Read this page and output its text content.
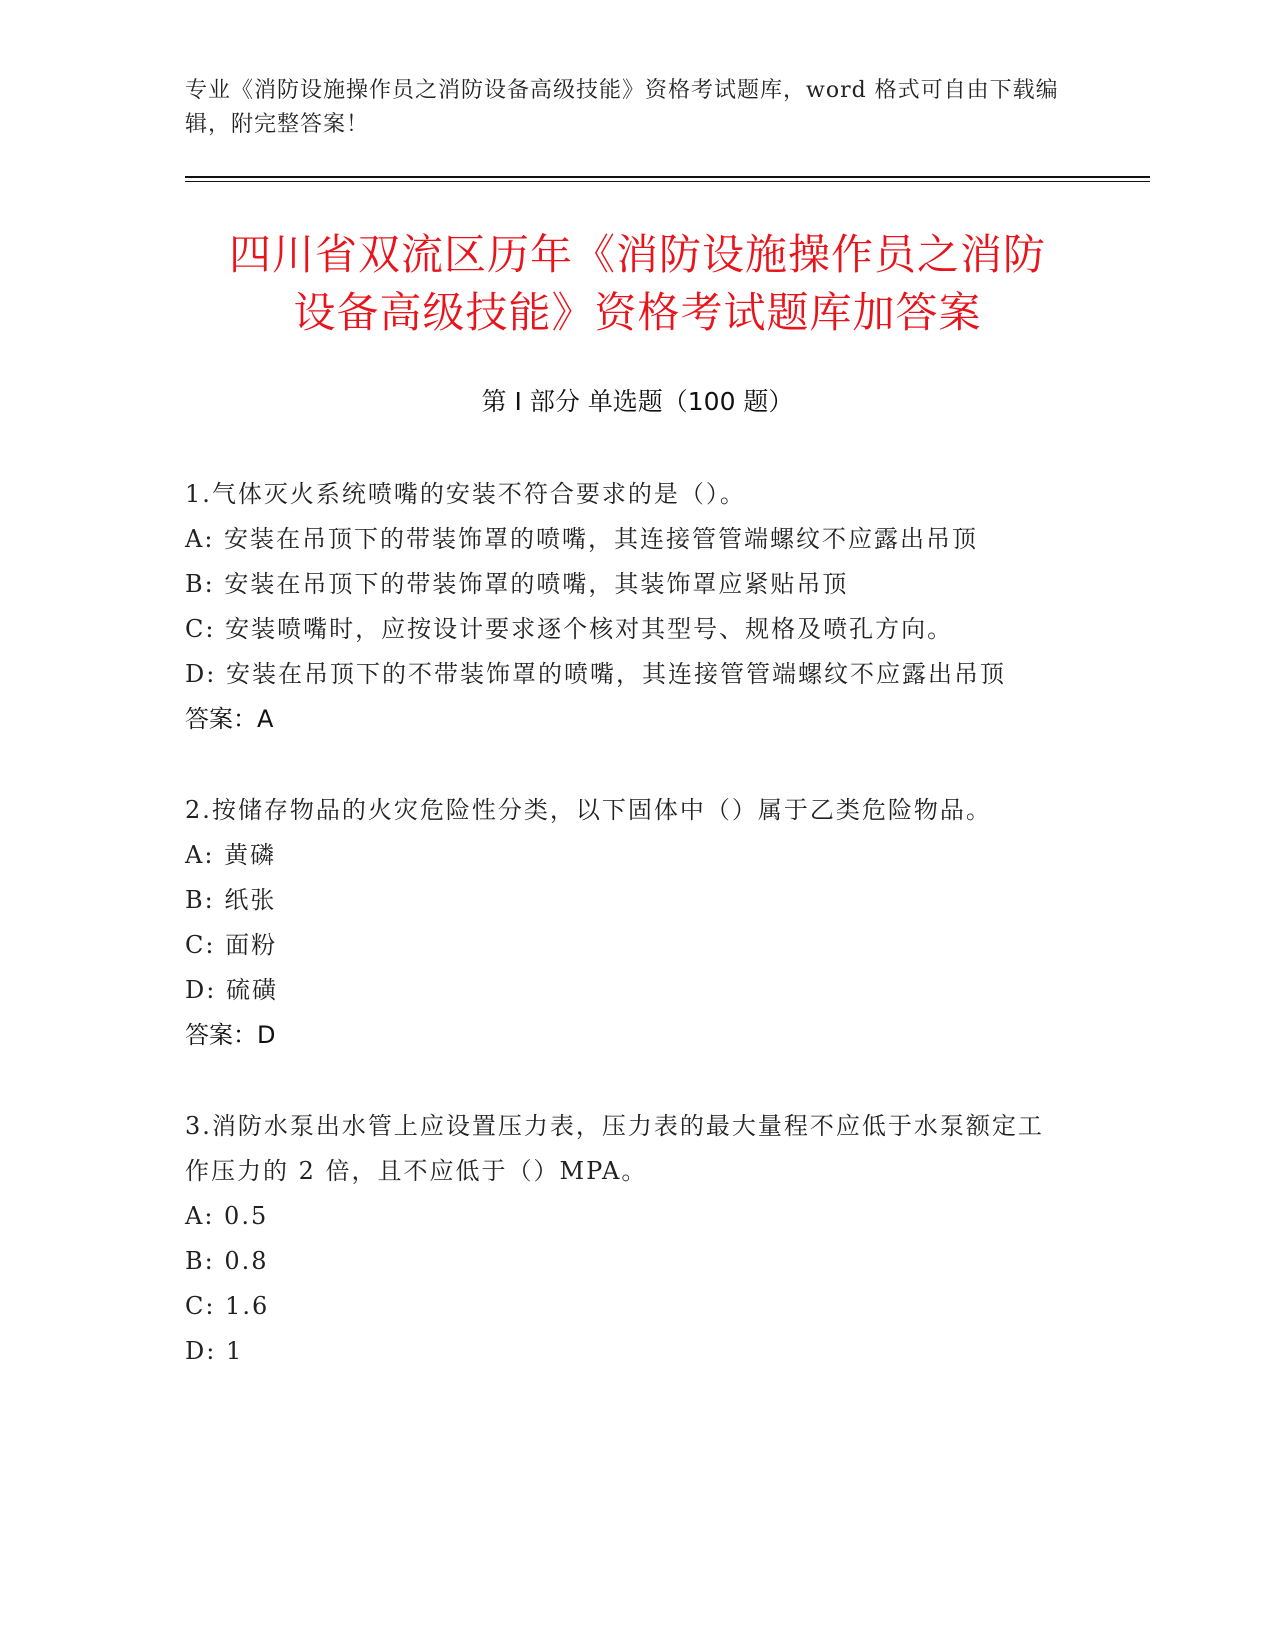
专业《消防设施操作员之消防设备高级技能》资格考试题库，word 格式可自由下载编辑，附完整答案！
四川省双流区历年《消防设施操作员之消防
设备高级技能》资格考试题库加答案
第 I 部分 单选题（100 题）
1.气体灭火系统喷嘴的安装不符合要求的是（）。
A: 安装在吊顶下的带装饰罩的喷嘴，其连接管管端螺纹不应露出吊顶
B: 安装在吊顶下的带装饰罩的喷嘴，其装饰罩应紧贴吊顶
C: 安装喷嘴时，应按设计要求逐个核对其型号、规格及喷孔方向。
D: 安装在吊顶下的不带装饰罩的喷嘴，其连接管管端螺纹不应露出吊顶
答案：A
2.按储存物品的火灾危险性分类，以下固体中（）属于乙类危险物品。
A: 黄磷
B: 纸张
C: 面粉
D: 硫磺
答案：D
3.消防水泵出水管上应设置压力表，压力表的最大量程不应低于水泵额定工作压力的 2 倍，且不应低于（）MPA。
A: 0.5
B: 0.8
C: 1.6
D: 1
